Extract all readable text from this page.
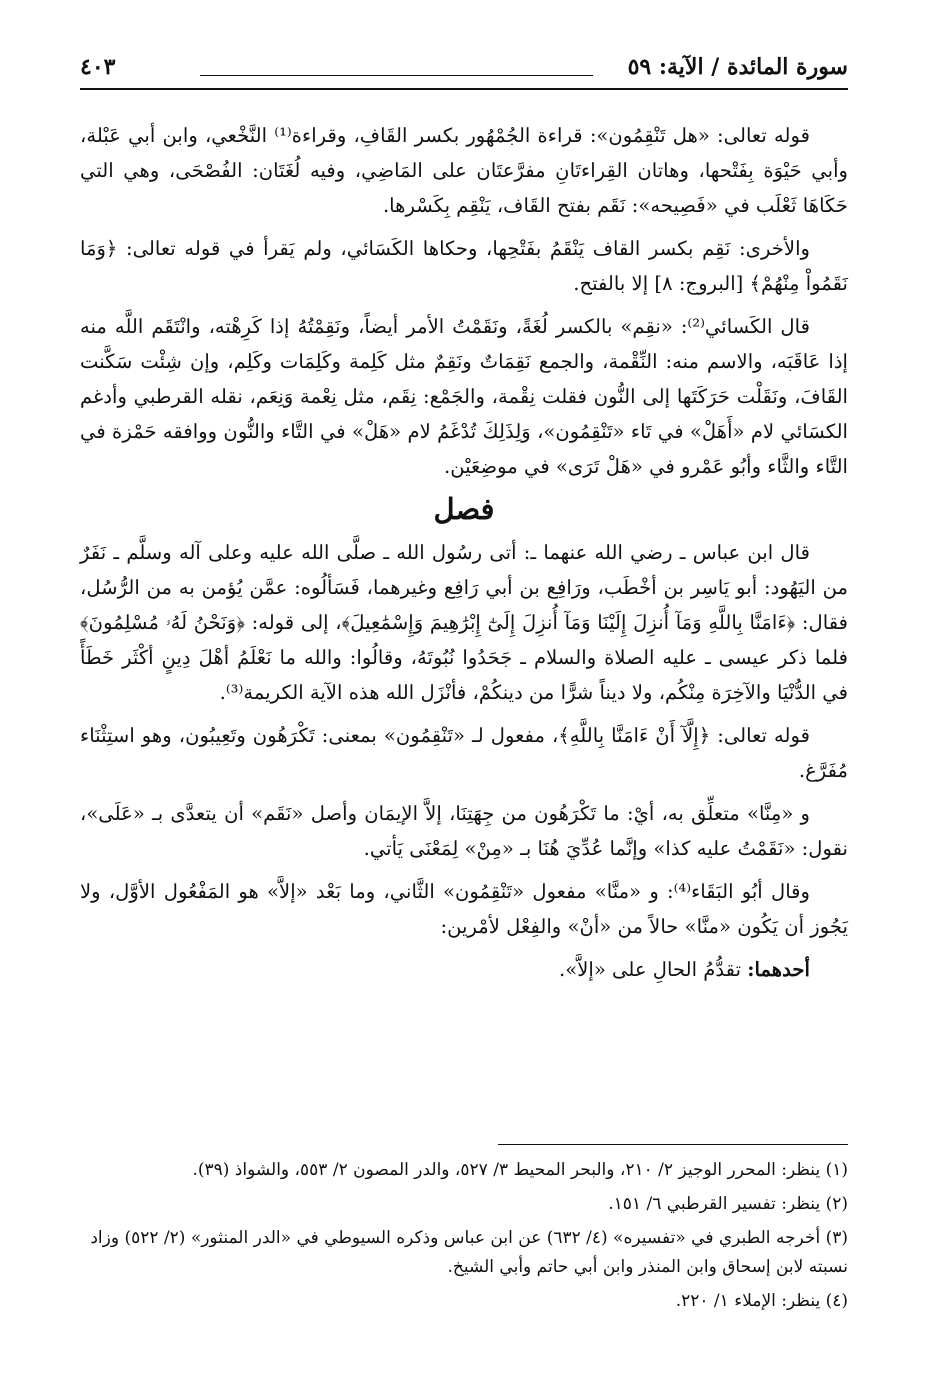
سورة المائدة / الآية: ٥٩
٤٠٣

قوله تعالى: «هل تَنْقِمُون»: قراءة الجُمْهُور بكسر القَافِ، وقراءة⁽¹⁾ النَّخْعي، وابن أبي عَبْلة، وأبي حَيْوَة بِفَتْحها، وهاتان القِراءتَانِ مفرَّعتَان على المَاضِي، وفيه لُغَتَان: الفُصْحَى، وهي التي حَكَاهَا ثَعْلَب في «فَصِيحه»: نَقَم بفتح القَاف، يَنْقِم بِكَسْرها.

والأخرى: نَقِم بكسر القاف يَنْقَمُ بفَتْحِها، وحكاها الكَسَائي، ولم يَقرأ في قوله تعالى: ﴿وَمَا نَقَمُواْ مِنْهُمْ﴾ [البروج: ٨] إلا بالفتح.

قال الكَسائي⁽²⁾: «نقِم» بالكسر لُغَةً، ونَقَمْتُ الأمر أيضاً، ونَقِمْتُهُ إذا كَرِهْته، وانْتَقَم اللَّه منه إذا عَاقَبَه، والاسم منه: النِّقْمة، والجمع نَقِمَاتٌ ونَقِمٌ مثل كَلِمة وكَلِمَات وكَلِم، وإن شِئْت سَكَّنت القَافَ، ونَقَلْت حَرَكَتَها إلى النُّون فقلت نِقْمة، والجَمْع: نِقَم، مثل نِعْمة وَنِعَم، نقله القرطبي وأدغم الكسَائي لام «أَهَلْ» في تَاء «تَنْقِمُون»، وَلِذَلِكَ تُدْغَمُ لام «هَلْ» في التَّاء والنُّون ووافقه حَمْزة في التَّاء والثَّاء وأبُو عَمْرو في «هَلْ تَرَى» في موضِعَيْن.

فصل

قال ابن عباس ـ رضي الله عنهما ـ: أتى رسُول الله ـ صلَّى الله عليه وعلى آله وسلَّم ـ نَفَرٌ من اليَهُود: أبو يَاسِر بن أخْطَب، ورَافِع بن أبي رَافِع وغيرهما، فَسَألُوه: عمَّن يُؤمن به من الرُّسُل، فقال: ﴿ءَامَنَّا بِاللَّهِ وَمَآ أُنزِلَ إِلَيْنَا وَمَآ أُنزِلَ إِلَىٰٓ إِبْرَٰهِيمَ وَإِسْمَٰعِيلَ﴾، إلى قوله: ﴿وَنَحْنُ لَهُۥ مُسْلِمُونَ﴾ فلما ذكر عيسى ـ عليه الصلاة والسلام ـ جَحَدُوا نُبُوتَهُ، وقالُوا: والله ما نَعْلَمُ أهْلَ دِينٍ أكْثَر خَطَأً في الدُّنْيَا والآخِرَة مِنْكُم، ولا ديناً شرًّا من دينكُمْ، فأنْزَل الله هذه الآية الكريمة⁽³⁾.

قوله تعالى: ﴿إِلَّآ أَنْ ءَامَنَّا بِاللَّهِ﴾، مفعول لـ «تَنْقِمُون» بمعنى: تَكْرَهُون وتَعِيبُون، وهو استِثْنَاء مُفَرَّغ.

و «مِنَّا» متعلِّق به، أيْ: ما تَكْرَهُون من جِهَتِنَا، إلاَّ الإيمَان وأصل «نَقَم» أن يتعدَّى بـ «عَلَى»، نقول: «نَقَمْتُ عليه كذا» وإنَّما عُدِّيَ هُنَا بـ «مِنْ» لِمَعْنَى يَأتي.

وقال أبُو البَقَاء⁽⁴⁾: و «منَّا» مفعول «تَنْقِمُون» الثَّاني، وما بَعْد «إلاَّ» هو المَفْعُول الأوَّل، ولا يَجُوز أن يَكُون «منَّا» حالاً من «أنْ» والفِعْل لأمْرين:

أحدهما: تقدُّمُ الحالِ على «إلاَّ».

(١) ينظر: المحرر الوجيز ٢/ ٢١٠، والبحر المحيط ٣/ ٥٢٧، والدر المصون ٢/ ٥٥٣، والشواذ (٣٩).
(٢) ينظر: تفسير القرطبي ٦/ ١٥١.
(٣) أخرجه الطبري في «تفسيره» (٤/ ٦٣٢) عن ابن عباس وذكره السيوطي في «الدر المنثور» (٢/ ٥٢٢) وزاد نسبته لابن إسحاق وابن المنذر وابن أبي حاتم وأبي الشيخ.
(٤) ينظر: الإملاء ١/ ٢٢٠.
